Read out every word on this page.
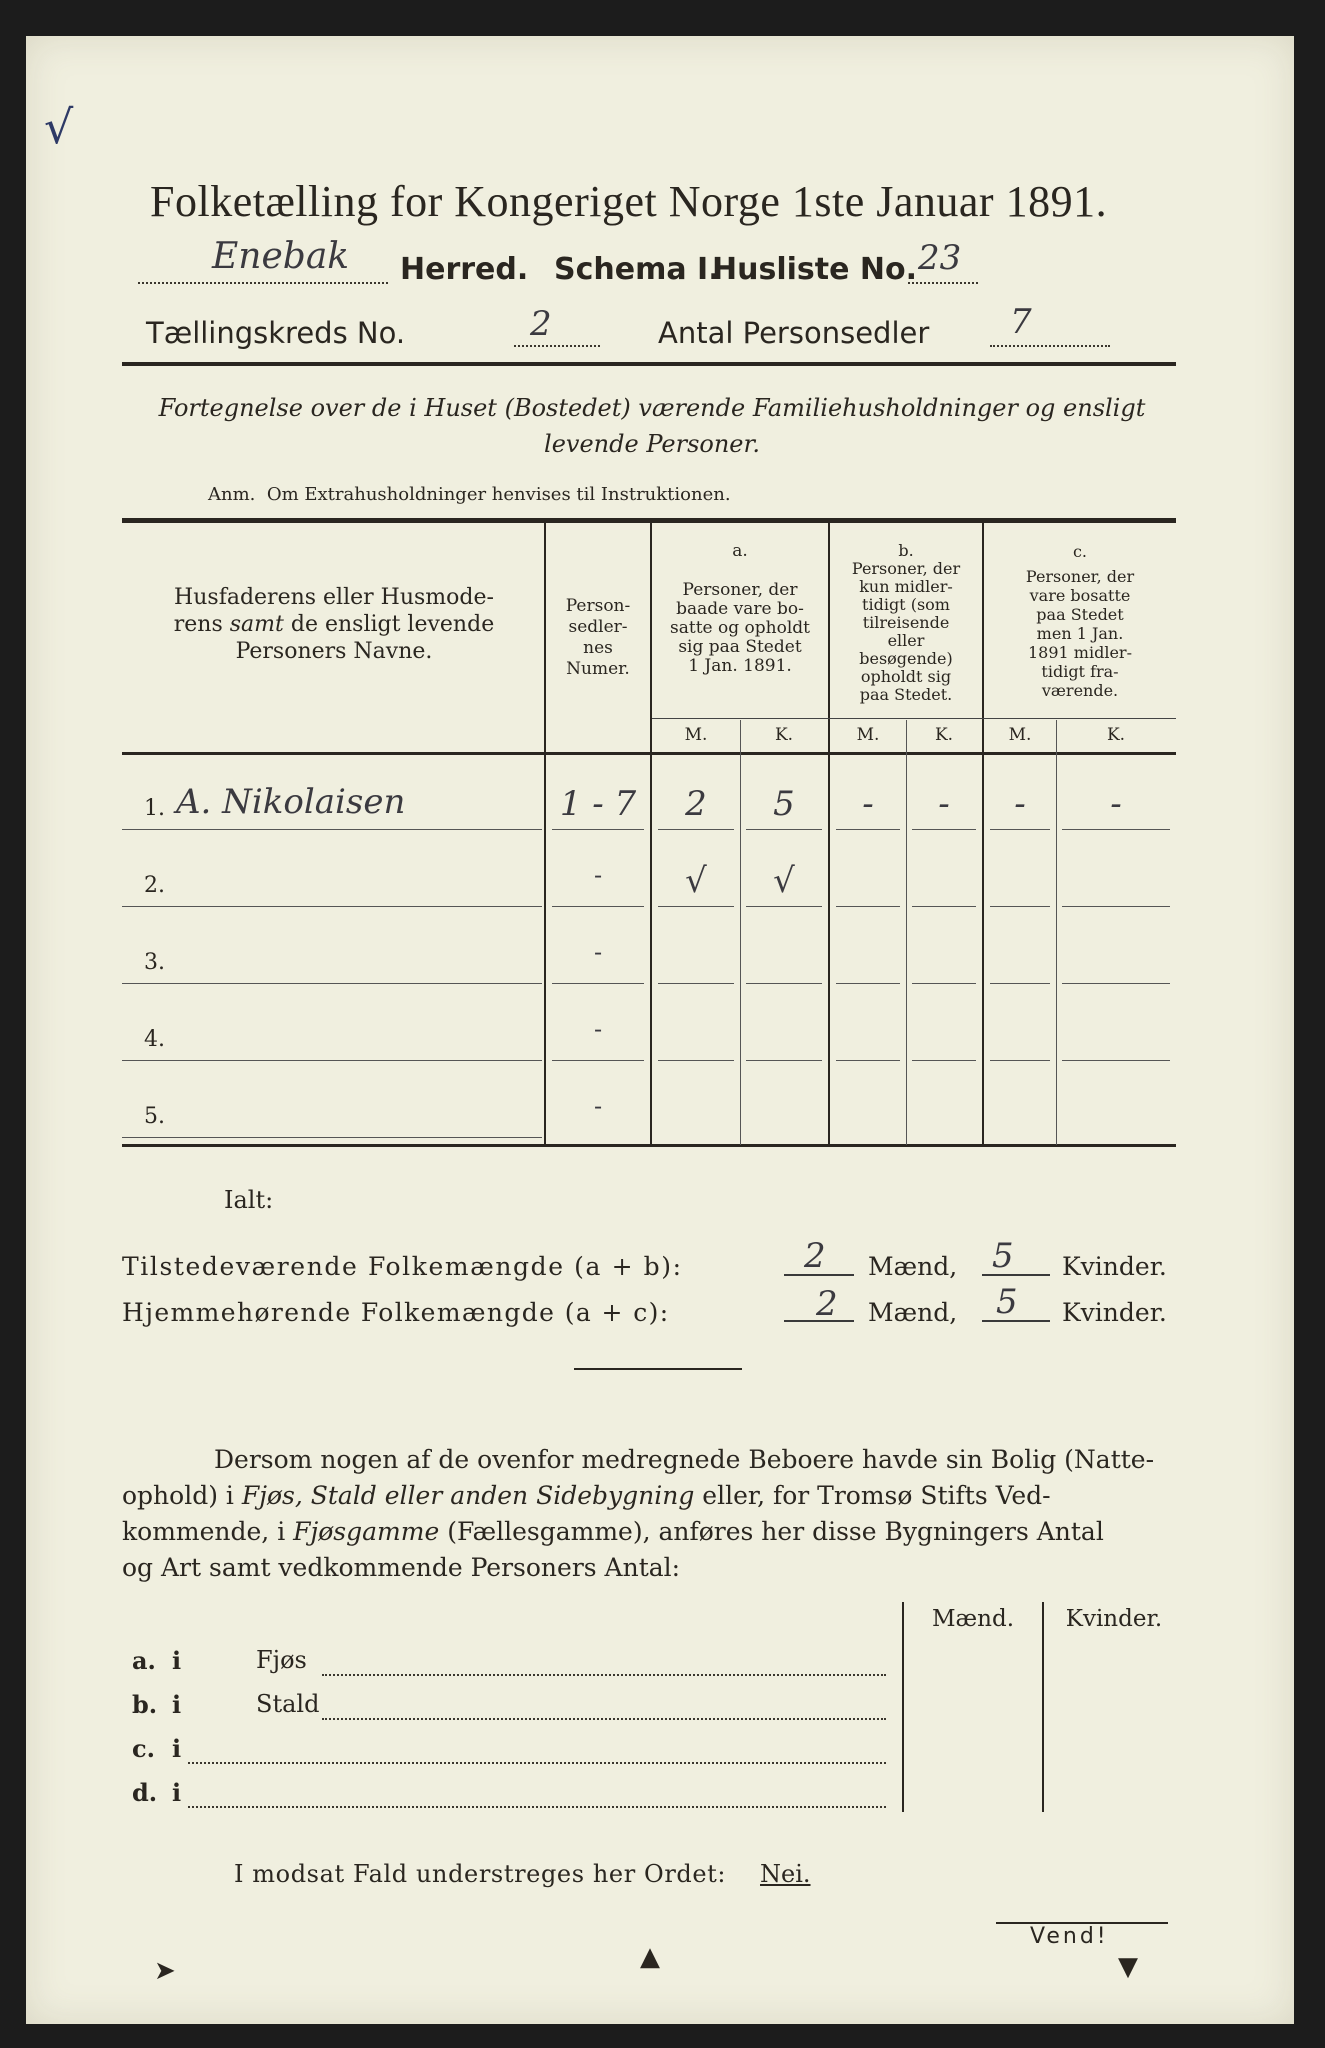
√
Folketælling for Kongeriget Norge 1ste Januar 1891.
Enebak Herred. Schema I.
Husliste No. 23
Tællingskreds No.	2	Antal Personsedler 7
Fortegnelse over de i Huset (Bostedet) værende Familiehusholdninger og ensligt
levende Personer.
Anm.  Om Extrahusholdninger henvises til Instruktionen.
Husfaderens eller Husmode-
rens samt de ensligt levende
Personers Navne.
Person-
sedler-
nes
Numer.
a.
Personer, der
baade vare bo-
satte og opholdt
sig paa Stedet
1 Jan. 1891.
b.
Personer, der
kun midler-
tidigt (som
tilreisende
eller
besøgende)
opholdt sig
paa Stedet.
c.
Personer, der
vare bosatte
paa Stedet
men 1 Jan.
1891 midler-
tidigt fra-
værende.
M.	K.	M.	K.	M.	K.
1. A. Nikolaisen	1 - 7	2	5	-	-	-	-
2.	-	√	√
3.	-
4.	-
5.	-
Ialt:
Tilstedeværende Folkemængde (a + b):	2 Mænd, 5 Kvinder.
Hjemmehørende Folkemængde (a + c):	2 Mænd, 5 Kvinder.
Dersom nogen af de ovenfor medregnede Beboere havde sin Bolig (Natte-
ophold) i Fjøs, Stald eller anden Sidebygning eller, for Tromsø Stifts Ved-
kommende, i Fjøsgamme (Fællesgamme), anføres her disse Bygningers Antal
og Art samt vedkommende Personers Antal:
Mænd.	Kvinder.
a. i	Fjøs
b. i	Stald
c. i
d. i
I modsat Fald understreges her Ordet: Nei.
Vend!
➤	▲	▼
